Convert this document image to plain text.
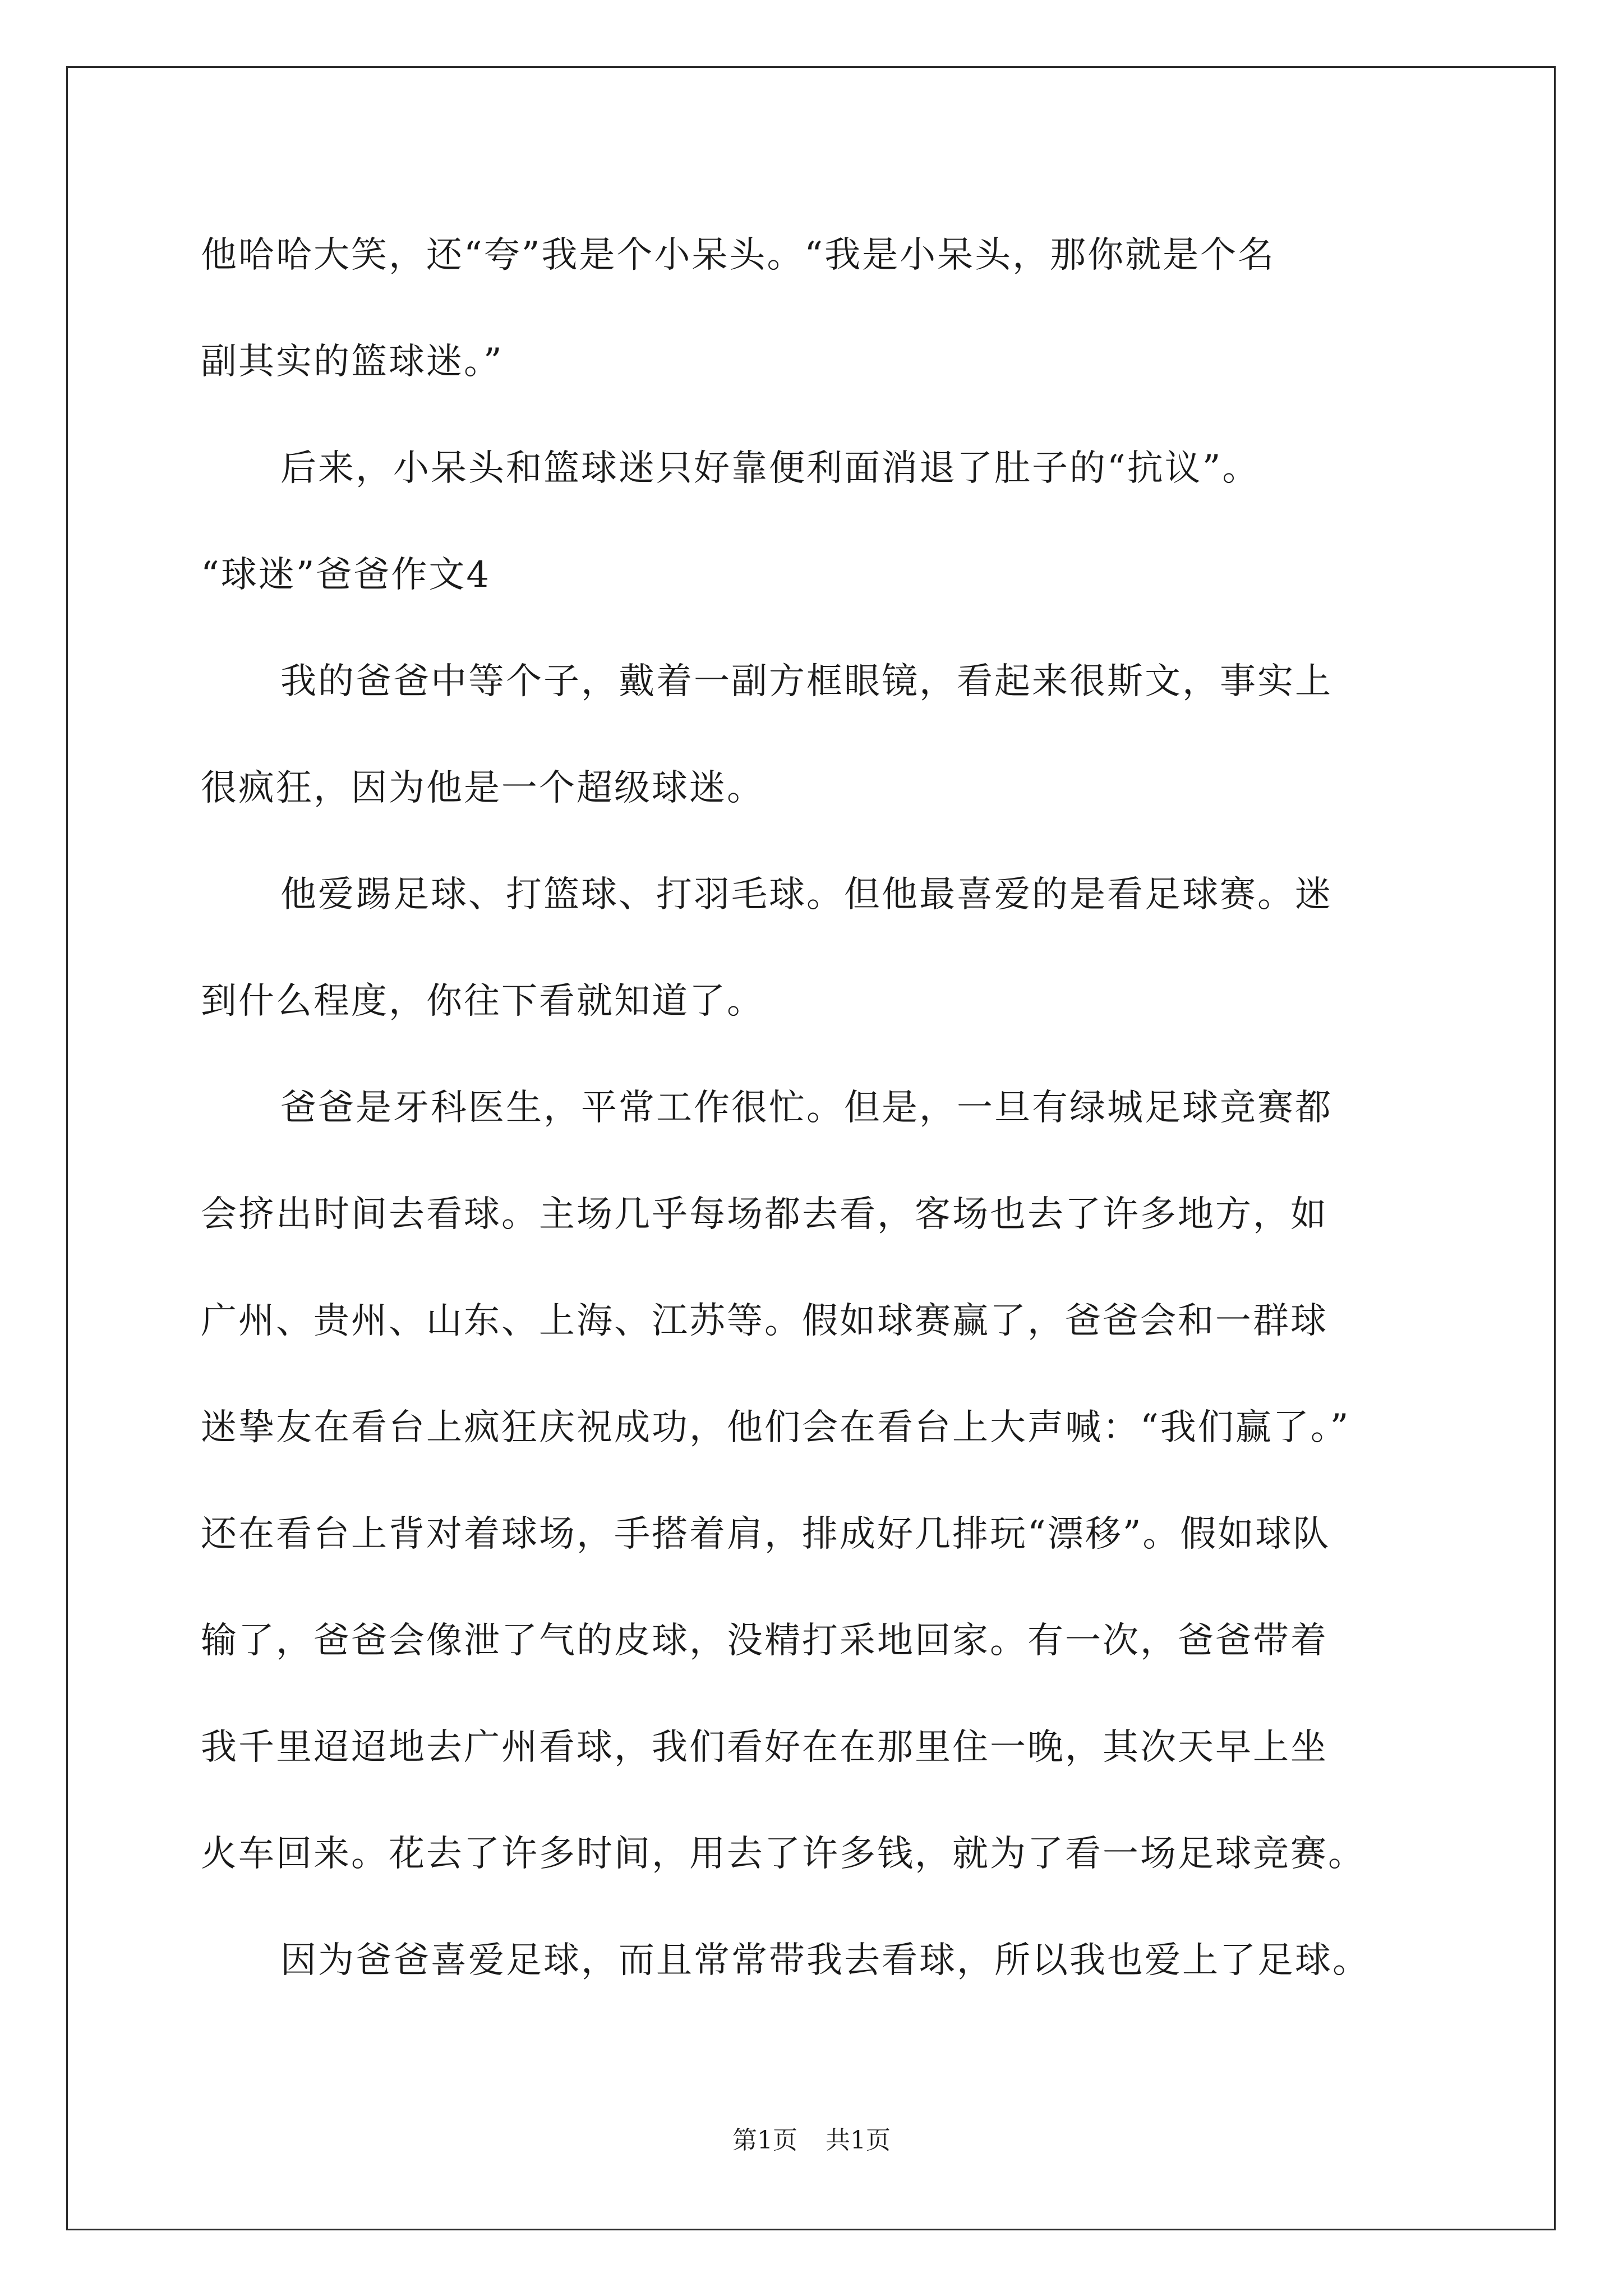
他哈哈大笑，还“夸”我是个小呆头。“我是小呆头，那你就是个名
副其实的篮球迷。”
后来，小呆头和篮球迷只好靠便利面消退了肚子的“抗议”。
“球迷”爸爸作文4
我的爸爸中等个子，戴着一副方框眼镜，看起来很斯文，事实上
很疯狂，因为他是一个超级球迷。
他爱踢足球、打篮球、打羽毛球。但他最喜爱的是看足球赛。迷
到什么程度，你往下看就知道了。
爸爸是牙科医生，平常工作很忙。但是，一旦有绿城足球竞赛都
会挤出时间去看球。主场几乎每场都去看，客场也去了许多地方，如
广州、贵州、山东、上海、江苏等。假如球赛赢了，爸爸会和一群球
迷挚友在看台上疯狂庆祝成功，他们会在看台上大声喊：“我们赢了。”
还在看台上背对着球场，手搭着肩，排成好几排玩“漂移”。假如球队
输了，爸爸会像泄了气的皮球，没精打采地回家。有一次，爸爸带着
我千里迢迢地去广州看球，我们看好在在那里住一晚，其次天早上坐
火车回来。花去了许多时间，用去了许多钱，就为了看一场足球竞赛。
因为爸爸喜爱足球，而且常常带我去看球，所以我也爱上了足球。
第1页 共1页
